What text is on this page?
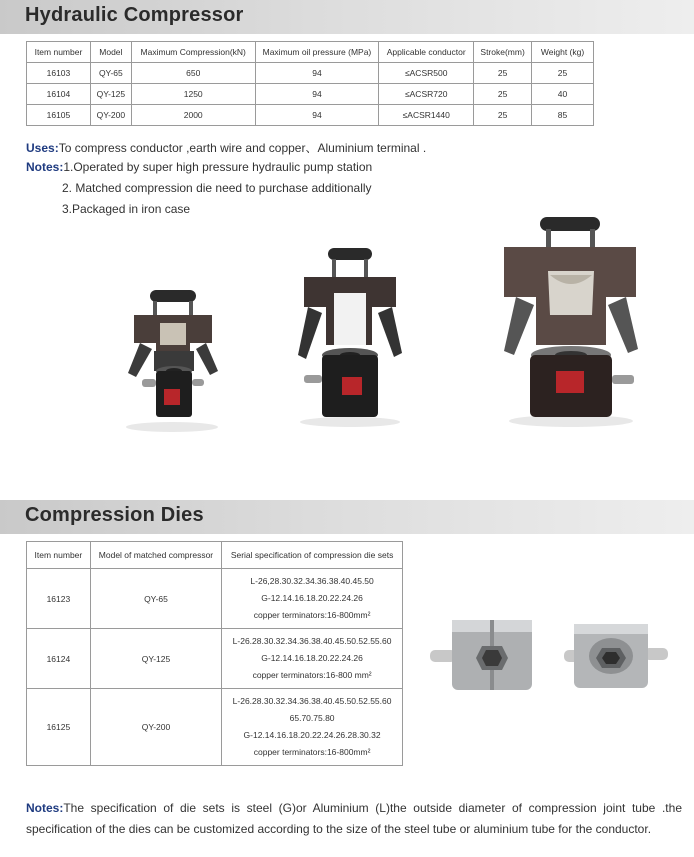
Hydraulic Compressor
Item number	Model	Maximum Compression(kN)	Maximum oil pressure (MPa)	Applicable conductor	Stroke(mm)	Weight (kg)
16103	QY-65	650	94	≤ACSR500	25	25
16104	QY-125	1250	94	≤ACSR720	25	40
16105	QY-200	2000	94	≤ACSR1440	25	85
Uses:To compress conductor ,earth wire and copper、Aluminium terminal .
Notes:1.Operated by super high pressure hydraulic pump station
2. Matched compression die need to purchase additionally
3.Packaged in iron case
Compression Dies
Item number	Model of matched compressor	Serial specification of compression die sets
16123	QY-65	L-26,28.30.32.34.36.38.40.45.50
G-12.14.16.18.20.22.24.26
copper terminators:16-800mm²

16124	QY-125	L-26.28.30.32.34.36.38.40.45.50.52.55.60
G-12.14.16.18.20.22.24.26
copper terminators:16-800 mm²

16125	QY-200	L-26.28.30.32.34.36.38.40.45.50.52.55.60
65.70.75.80
G-12.14.16.18.20.22.24.26.28.30.32
copper terminators:16-800mm²
Notes:The specification of die sets is steel (G)or Aluminium (L)the outside diameter of compression joint tube .the specification of the dies can be customized according to the size of the steel tube or aluminium tube for the conductor.
